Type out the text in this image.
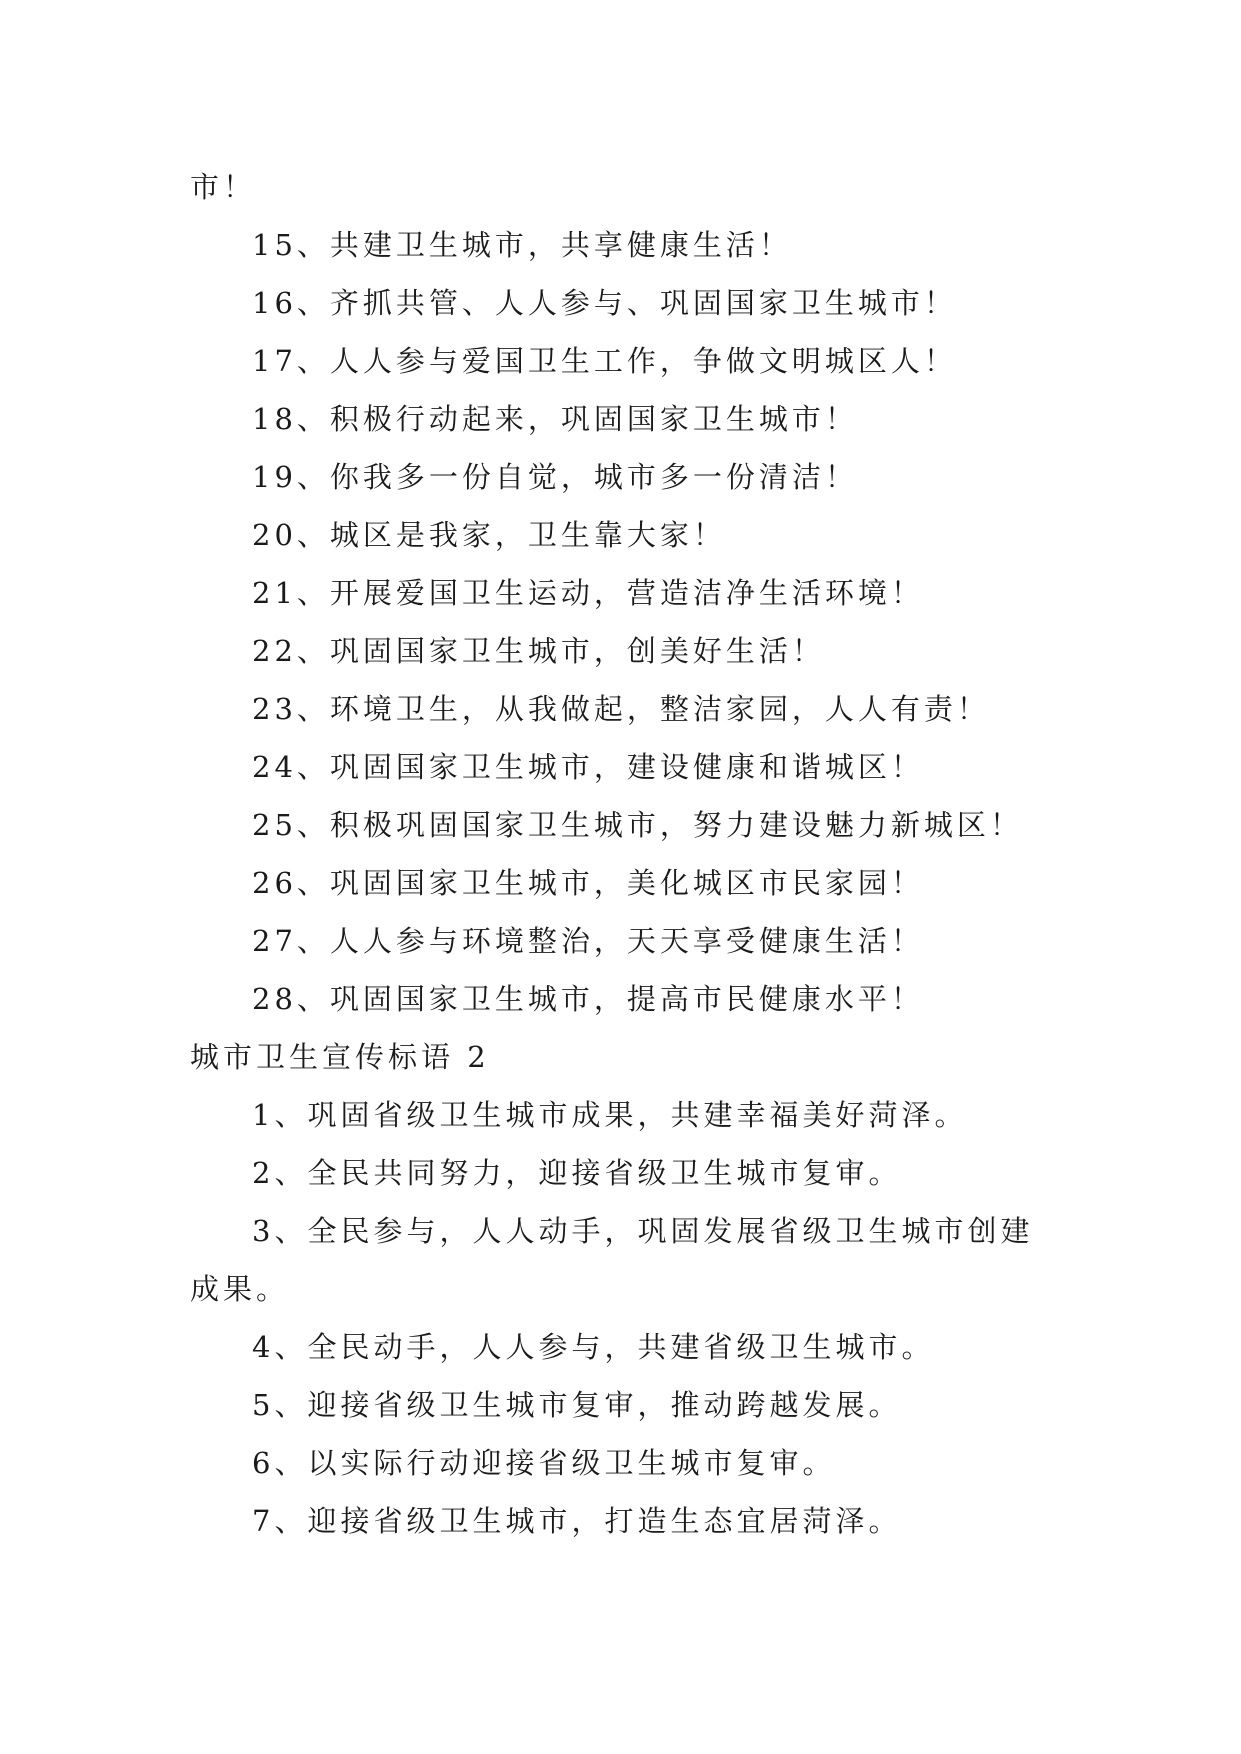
市！
15、共建卫生城市，共享健康生活！
16、齐抓共管、人人参与、巩固国家卫生城市！
17、人人参与爱国卫生工作，争做文明城区人！
18、积极行动起来，巩固国家卫生城市！
19、你我多一份自觉，城市多一份清洁！
20、城区是我家，卫生靠大家！
21、开展爱国卫生运动，营造洁净生活环境！
22、巩固国家卫生城市，创美好生活！
23、环境卫生，从我做起，整洁家园，人人有责！
24、巩固国家卫生城市，建设健康和谐城区！
25、积极巩固国家卫生城市，努力建设魅力新城区！
26、巩固国家卫生城市，美化城区市民家园！
27、人人参与环境整治，天天享受健康生活！
28、巩固国家卫生城市，提高市民健康水平！
城市卫生宣传标语 2
1、巩固省级卫生城市成果，共建幸福美好菏泽。
2、全民共同努力，迎接省级卫生城市复审。
3、全民参与，人人动手，巩固发展省级卫生城市创建
成果。
4、全民动手，人人参与，共建省级卫生城市。
5、迎接省级卫生城市复审，推动跨越发展。
6、以实际行动迎接省级卫生城市复审。
7、迎接省级卫生城市，打造生态宜居菏泽。
